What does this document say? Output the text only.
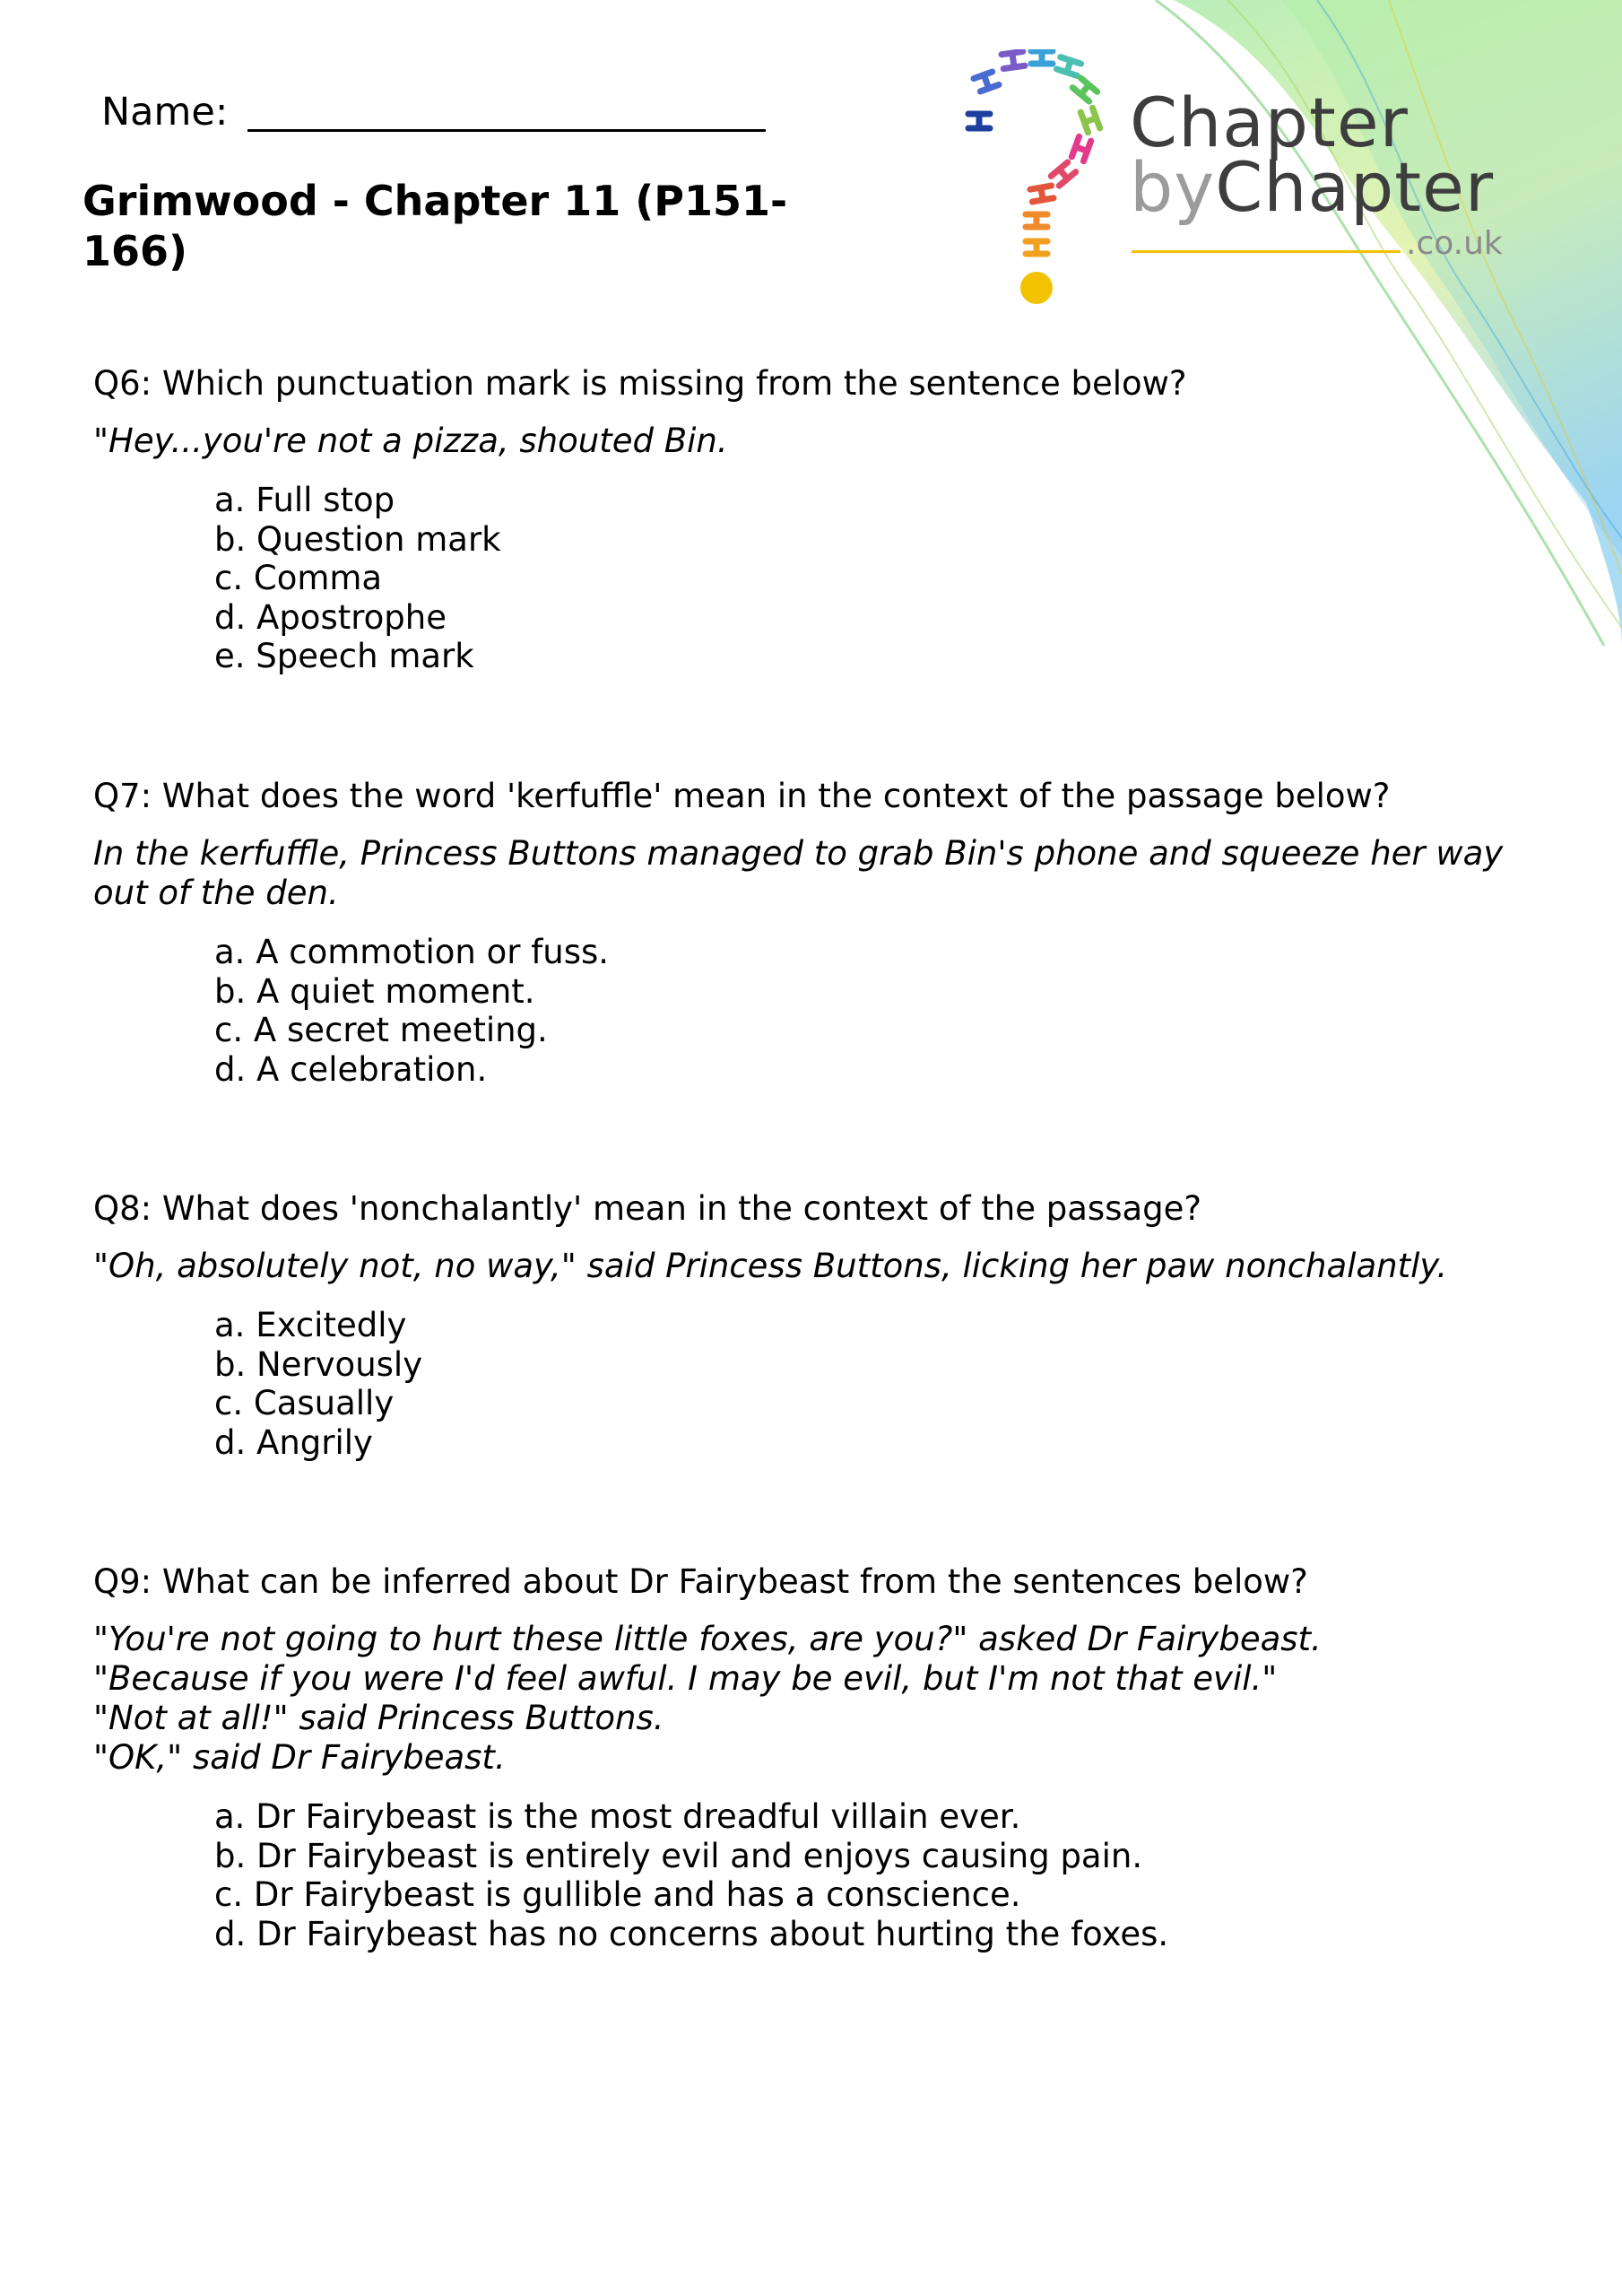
Name:
Grimwood - Chapter 11 (P151-166)
Chapter
byChapter
.co.uk

Q6: Which punctuation mark is missing from the sentence below?

"Hey...you're not a pizza, shouted Bin.

a. Full stop
b. Question mark
c. Comma
d. Apostrophe
e. Speech mark

Q7: What does the word 'kerfuffle' mean in the context of the passage below?

In the kerfuffle, Princess Buttons managed to grab Bin's phone and squeeze her way
out of the den.

a. A commotion or fuss.
b. A quiet moment.
c. A secret meeting.
d. A celebration.

Q8: What does 'nonchalantly' mean in the context of the passage?

"Oh, absolutely not, no way," said Princess Buttons, licking her paw nonchalantly.

a. Excitedly
b. Nervously
c. Casually
d. Angrily

Q9: What can be inferred about Dr Fairybeast from the sentences below?

"You're not going to hurt these little foxes, are you?" asked Dr Fairybeast.
"Because if you were I'd feel awful. I may be evil, but I'm not that evil."
"Not at all!" said Princess Buttons.
"OK," said Dr Fairybeast.

a. Dr Fairybeast is the most dreadful villain ever.
b. Dr Fairybeast is entirely evil and enjoys causing pain.
c. Dr Fairybeast is gullible and has a conscience.
d. Dr Fairybeast has no concerns about hurting the foxes.
